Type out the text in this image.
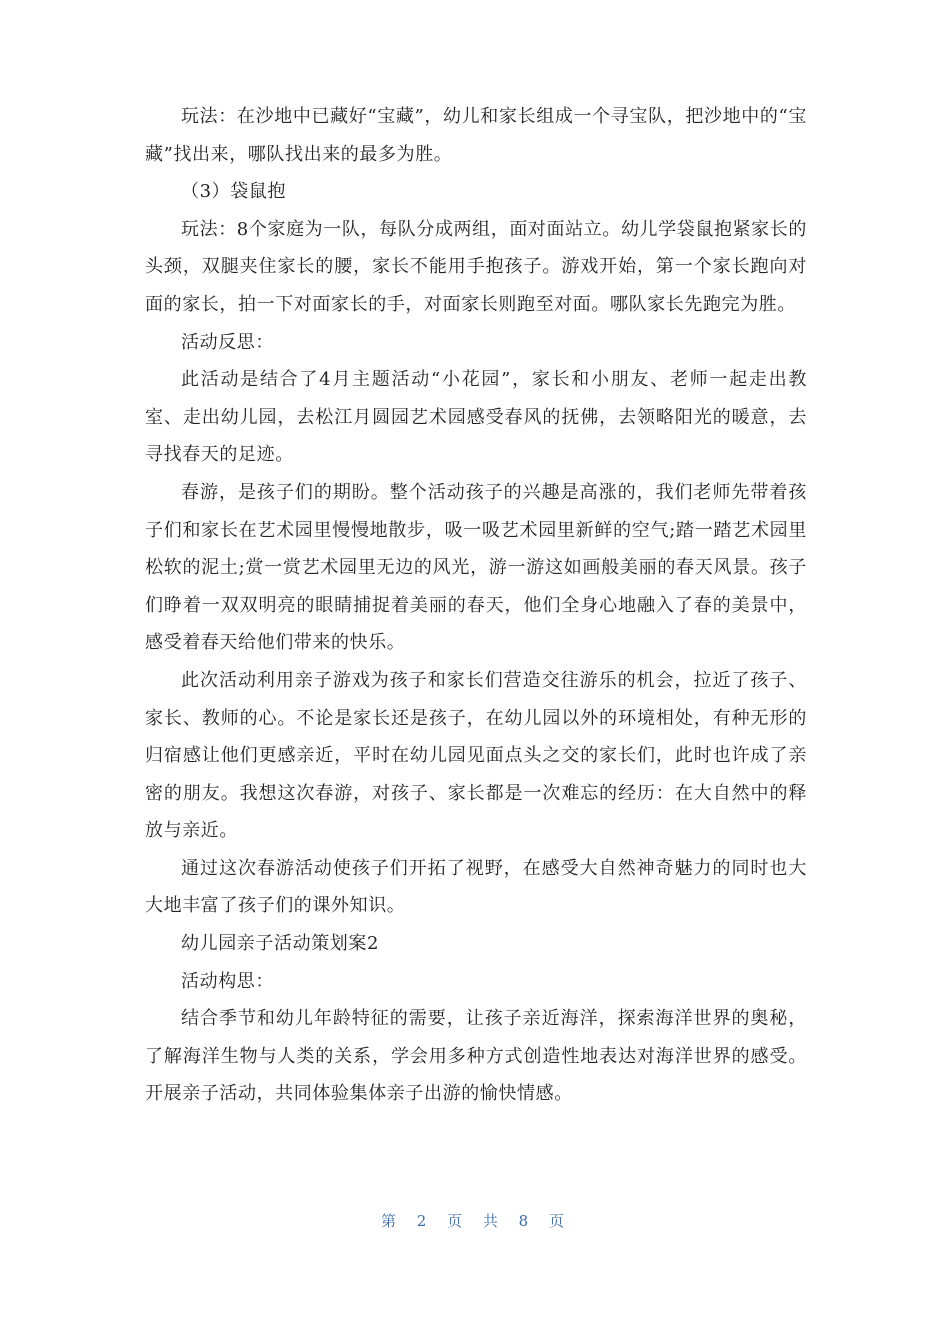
玩法：在沙地中已藏好“宝藏”，幼儿和家长组成一个寻宝队，把沙地中的“宝藏”找出来，哪队找出来的最多为胜。

（3）袋鼠抱

玩法：8个家庭为一队，每队分成两组，面对面站立。幼儿学袋鼠抱紧家长的头颈，双腿夹住家长的腰，家长不能用手抱孩子。游戏开始，第一个家长跑向对面的家长，拍一下对面家长的手，对面家长则跑至对面。哪队家长先跑完为胜。

活动反思：

此活动是结合了4月主题活动“小花园”，家长和小朋友、老师一起走出教室、走出幼儿园，去松江月圆园艺术园感受春风的抚佛，去领略阳光的暖意，去寻找春天的足迹。

春游，是孩子们的期盼。整个活动孩子的兴趣是高涨的，我们老师先带着孩子们和家长在艺术园里慢慢地散步，吸一吸艺术园里新鲜的空气;踏一踏艺术园里松软的泥土;赏一赏艺术园里无边的风光，游一游这如画般美丽的春天风景。孩子们睁着一双双明亮的眼睛捕捉着美丽的春天，他们全身心地融入了春的美景中，感受着春天给他们带来的快乐。

此次活动利用亲子游戏为孩子和家长们营造交往游乐的机会，拉近了孩子、家长、教师的心。不论是家长还是孩子，在幼儿园以外的环境相处，有种无形的归宿感让他们更感亲近，平时在幼儿园见面点头之交的家长们，此时也许成了亲密的朋友。我想这次春游，对孩子、家长都是一次难忘的经历：在大自然中的释放与亲近。

通过这次春游活动使孩子们开拓了视野，在感受大自然神奇魅力的同时也大大地丰富了孩子们的课外知识。

幼儿园亲子活动策划案2

活动构思：

结合季节和幼儿年龄特征的需要，让孩子亲近海洋，探索海洋世界的奥秘，了解海洋生物与人类的关系，学会用多种方式创造性地表达对海洋世界的感受。开展亲子活动，共同体验集体亲子出游的愉快情感。

第 2 页 共 8 页
